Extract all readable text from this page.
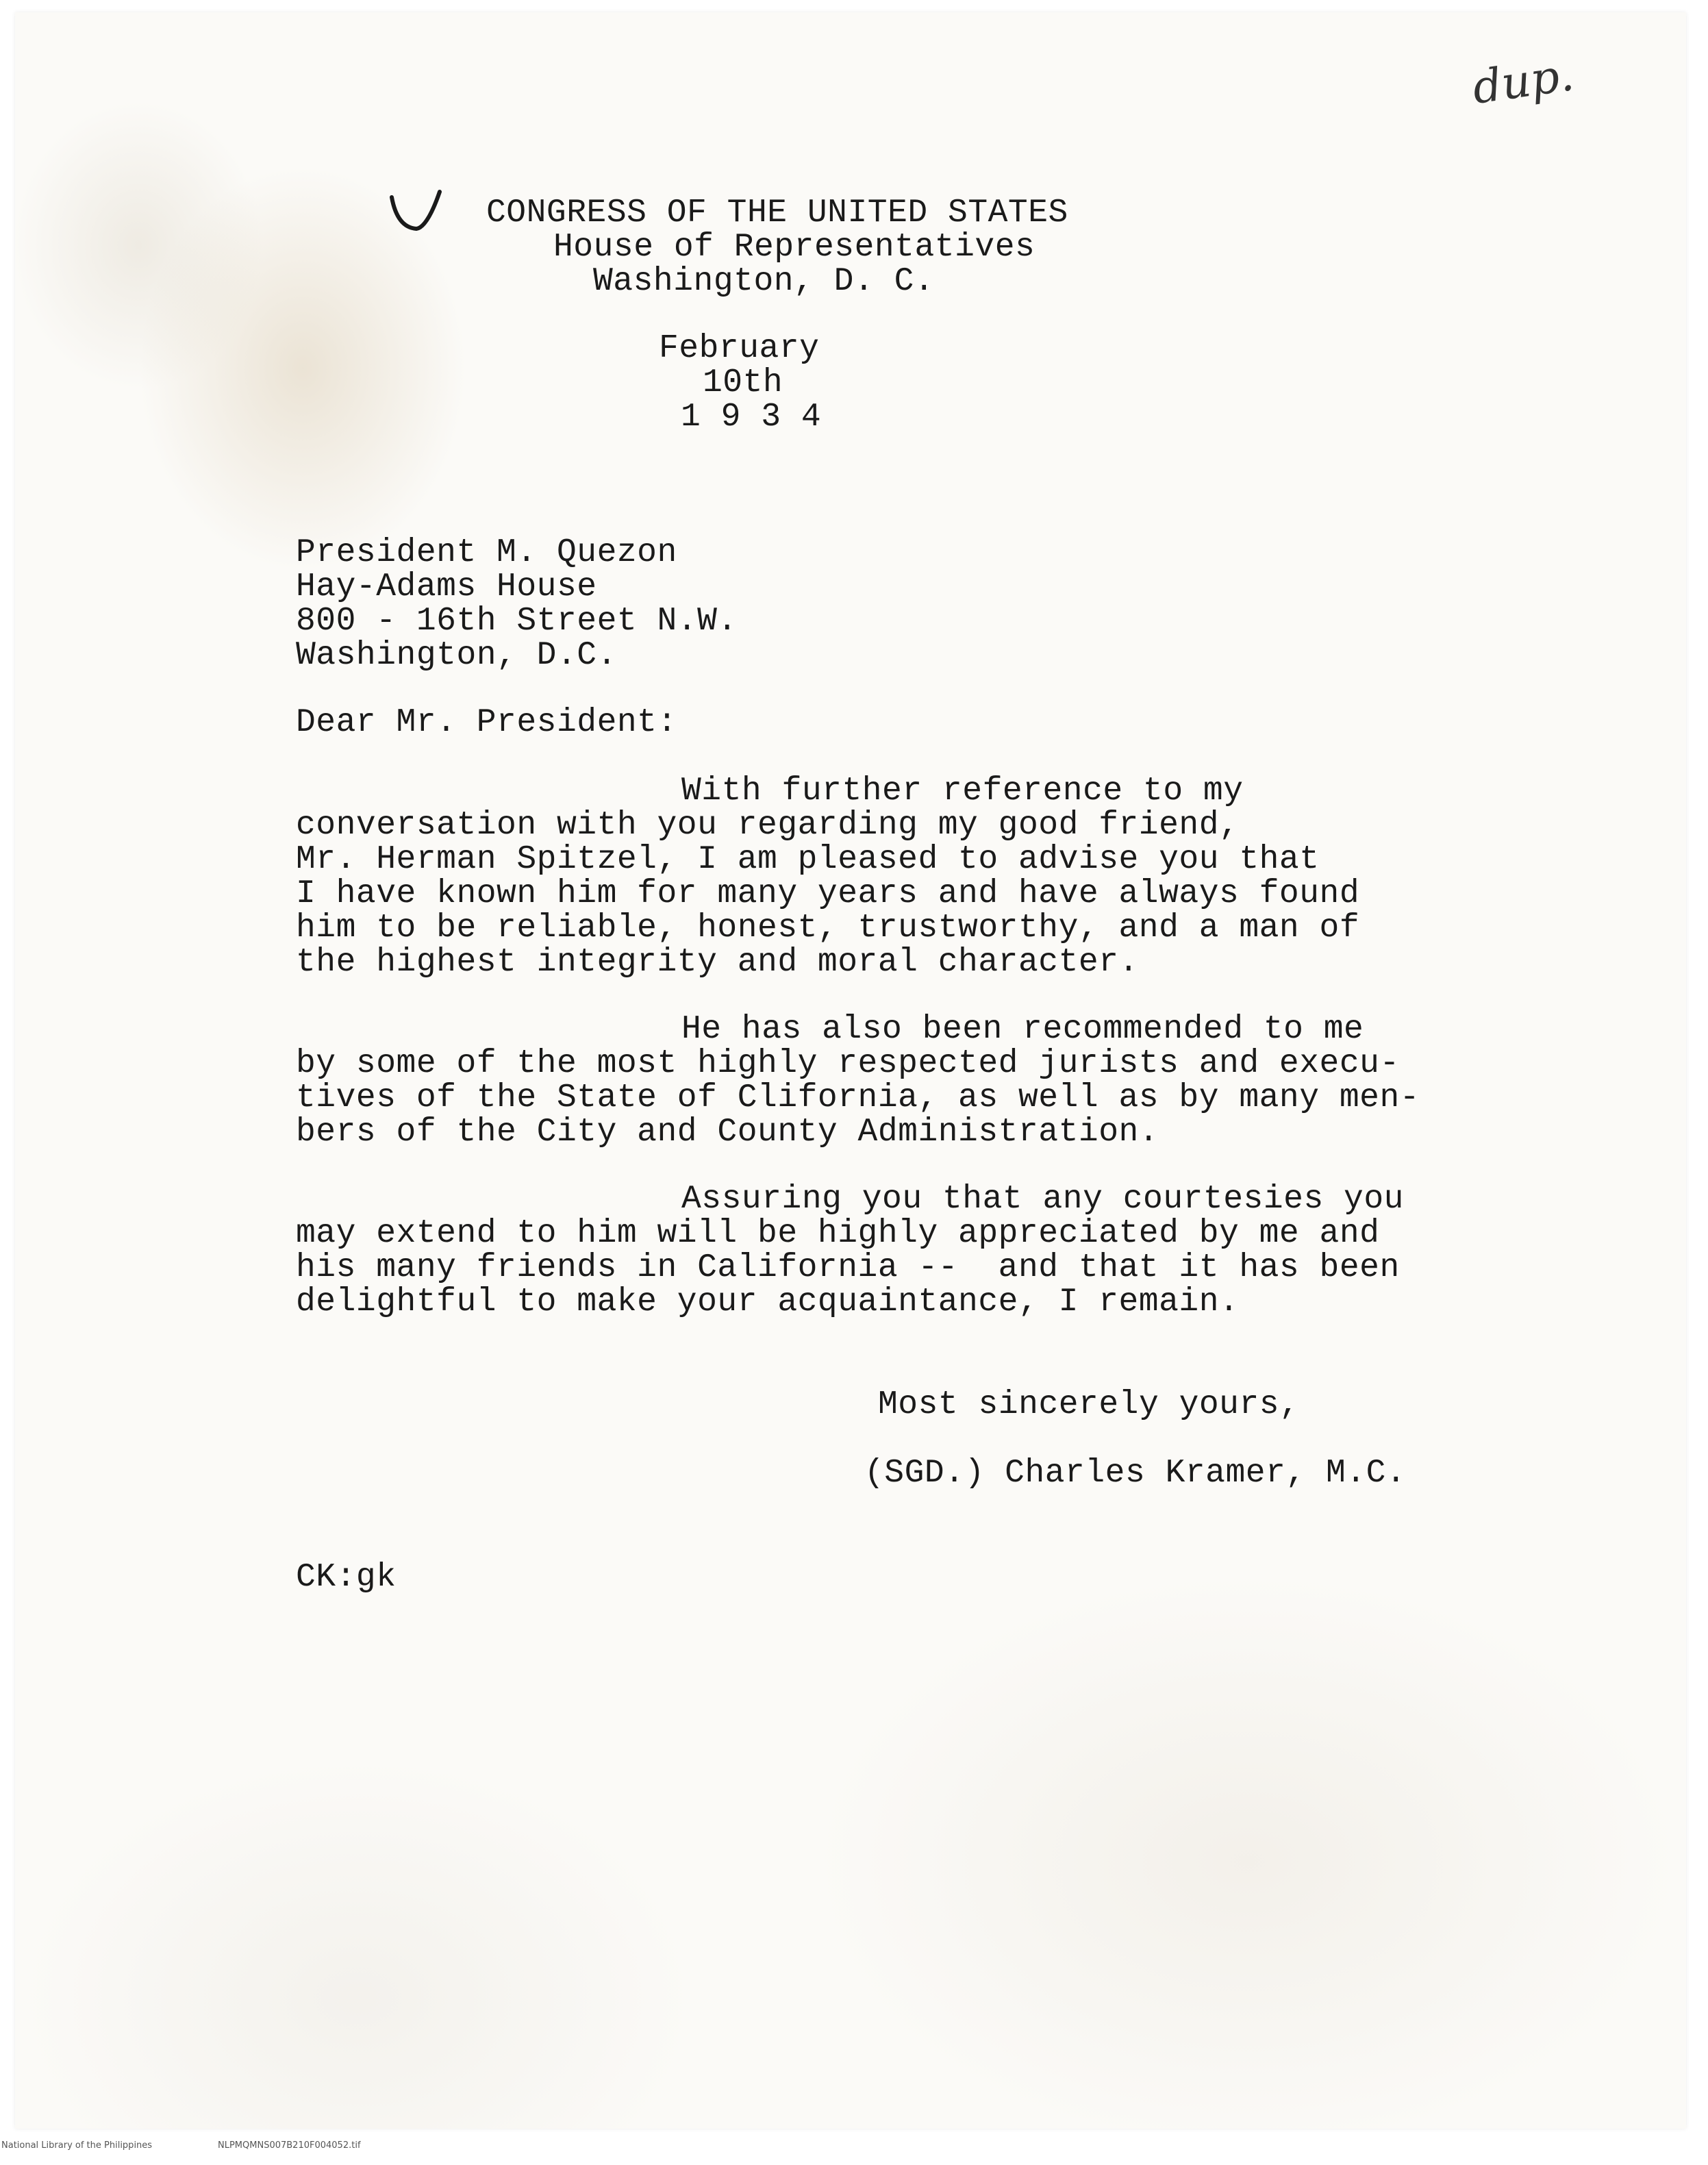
dup.
CONGRESS OF THE UNITED STATES
House of Representatives
Washington, D. C.
February
10th
1 9 3 4
President M. Quezon
Hay-Adams House
800 - 16th Street N.W.
Washington, D.C.
Dear Mr. President:
With further reference to my
conversation with you regarding my good friend,
Mr. Herman Spitzel, I am pleased to advise you that
I have known him for many years and have always found
him to be reliable, honest, trustworthy, and a man of
the highest integrity and moral character.
He has also been recommended to me
by some of the most highly respected jurists and execu-
tives of the State of Clifornia, as well as by many men-
bers of the City and County Administration.
Assuring you that any courtesies you
may extend to him will be highly appreciated by me and
his many friends in California --  and that it has been
delightful to make your acquaintance, I remain.
Most sincerely yours,
(SGD.) Charles Kramer, M.C.
CK:gk

National Library of the Philippines

	NLPMQMNS007B210F004052.tif
